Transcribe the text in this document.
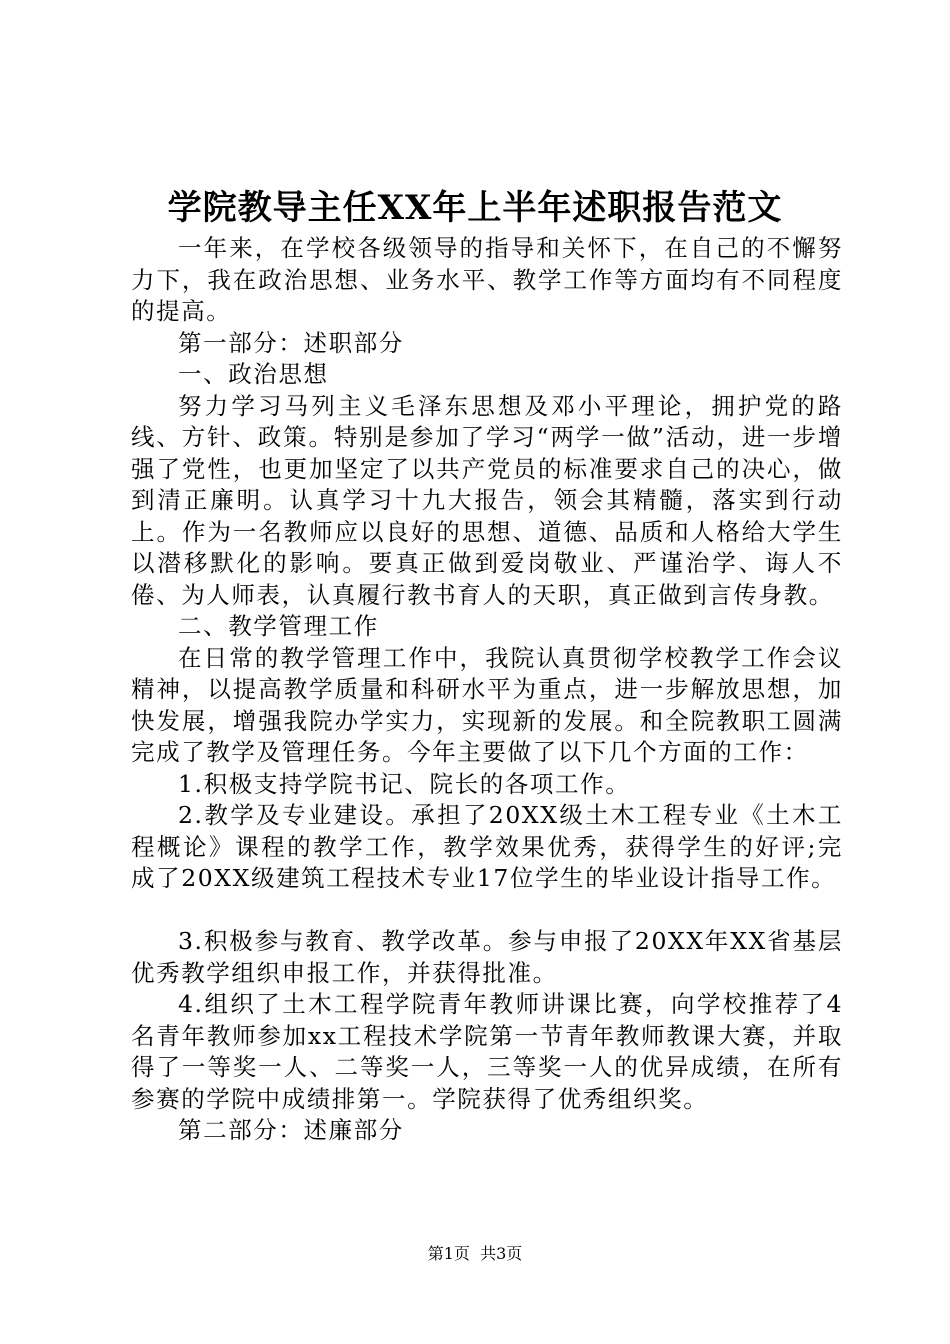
学院教导主任XX年上半年述职报告范文

一年来，在学校各级领导的指导和关怀下，在自己的不懈努力下，我在政治思想、业务水平、教学工作等方面均有不同程度的提高。

第一部分：述职部分

一、政治思想

努力学习马列主义毛泽东思想及邓小平理论，拥护党的路线、方针、政策。特别是参加了学习“两学一做”活动，进一步增强了党性，也更加坚定了以共产党员的标准要求自己的决心，做到清正廉明。认真学习十九大报告，领会其精髓，落实到行动上。作为一名教师应以良好的思想、道德、品质和人格给大学生以潜移默化的影响。要真正做到爱岗敬业、严谨治学、诲人不倦、为人师表，认真履行教书育人的天职，真正做到言传身教。

二、教学管理工作

在日常的教学管理工作中，我院认真贯彻学校教学工作会议精神，以提高教学质量和科研水平为重点，进一步解放思想，加快发展，增强我院办学实力，实现新的发展。和全院教职工圆满完成了教学及管理任务。今年主要做了以下几个方面的工作：

1.积极支持学院书记、院长的各项工作。

2.教学及专业建设。承担了20XX级土木工程专业《土木工程概论》课程的教学工作，教学效果优秀，获得学生的好评;完成了20XX级建筑工程技术专业17位学生的毕业设计指导工作。

3.积极参与教育、教学改革。参与申报了20XX年XX省基层优秀教学组织申报工作，并获得批准。

4.组织了土木工程学院青年教师讲课比赛，向学校推荐了4名青年教师参加xx工程技术学院第一节青年教师教课大赛，并取得了一等奖一人、二等奖一人，三等奖一人的优异成绩，在所有参赛的学院中成绩排第一。学院获得了优秀组织奖。

第二部分：述廉部分

第1页  共3页
